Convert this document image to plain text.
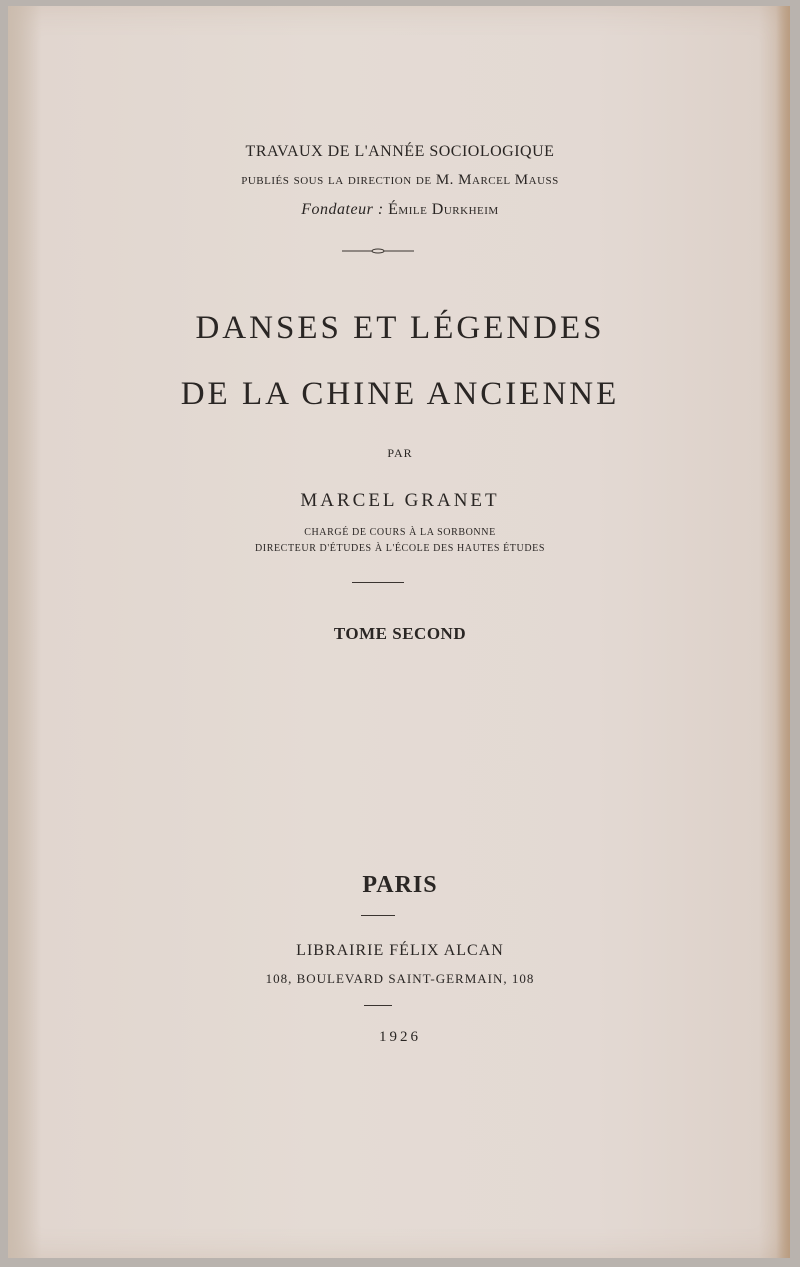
TRAVAUX DE L'ANNÉE SOCIOLOGIQUE
publiés sous la direction de M. Marcel Mauss
Fondateur : Émile Durkheim
DANSES ET LÉGENDES
DE LA CHINE ANCIENNE
PAR
MARCEL GRANET
CHARGÉ DE COURS À LA SORBONNE
DIRECTEUR D'ÉTUDES À L'ÉCOLE DES HAUTES ÉTUDES
TOME SECOND
PARIS
LIBRAIRIE FÉLIX ALCAN
108, BOULEVARD SAINT-GERMAIN, 108
1926
